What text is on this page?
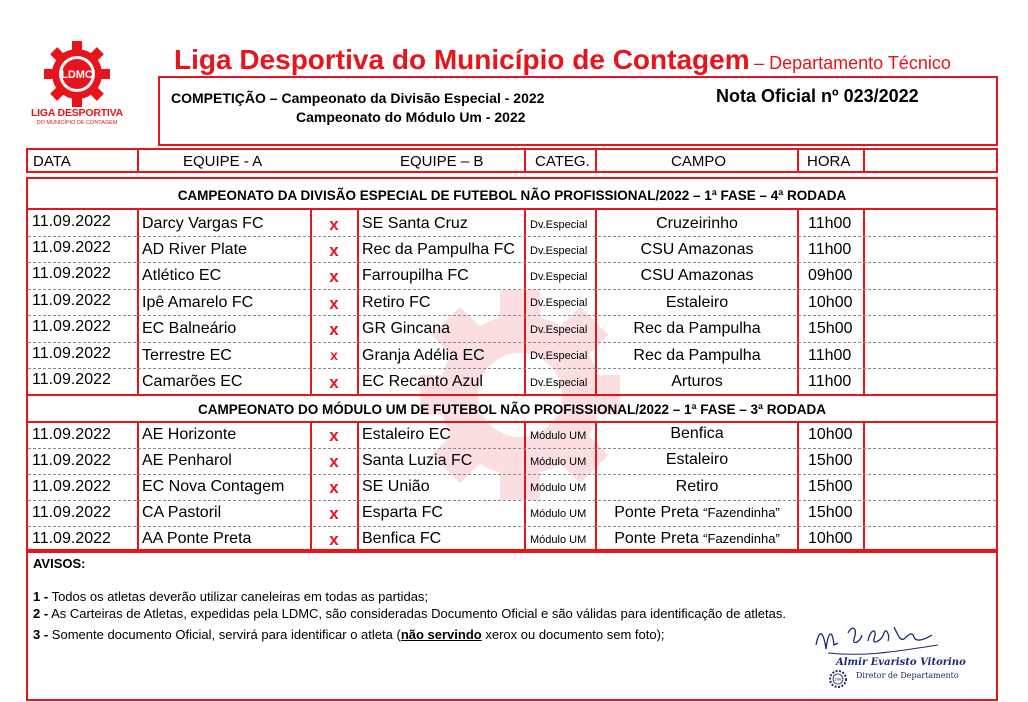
LDMC
LIGA DESPORTIVA
DO MUNICÍPIO DE CONTAGEM
Liga Desportiva do Município de Contagem – Departamento Técnico
COMPETIÇÃO – Campeonato da Divisão Especial - 2022
Campeonato do Módulo Um - 2022
Nota Oficial nº 023/2022
DATA	EQUIPE - A	EQUIPE – B	CATEG.	CAMPO	HORA
CAMPEONATO DA DIVISÃO ESPECIAL DE FUTEBOL NÃO PROFISSIONAL/2022 – 1ª FASE – 4ª RODADA
CAMPEONATO DO MÓDULO UM DE FUTEBOL NÃO PROFISSIONAL/2022 – 1ª FASE – 3ª RODADA
11.09.2022 Darcy Vargas FC	x	SE Santa Cruz	Dv.Especial	Cruzeirinho	11h00
11.09.2022 AD River Plate	x	Rec da Pampulha FC Dv.Especial	CSU Amazonas	11h00
11.09.2022 Atlético EC	x	Farroupilha FC	Dv.Especial	CSU Amazonas	09h00
11.09.2022 Ipê Amarelo FC	x	Retiro FC	Dv.Especial	Estaleiro	10h00
11.09.2022 EC Balneário	x	GR Gincana	Dv.Especial	Rec da Pampulha	15h00
11.09.2022 Terrestre EC	x	Granja Adélia EC	Dv.Especial	Rec da Pampulha	11h00
11.09.2022 Camarões EC	x	EC Recanto Azul	Dv.Especial	Arturos	11h00
11.09.2022 AE Horizonte	x	Estaleiro EC	Módulo UM	Benfica	10h00
11.09.2022 AE Penharol	x	Santa Luzia FC	Módulo UM	Estaleiro	15h00
11.09.2022 EC Nova Contagem	x	SE União	Módulo UM	Retiro	15h00
11.09.2022 CA Pastoril	x	Esparta FC	Módulo UM	Ponte Preta “Fazendinha”	15h00
11.09.2022 AA Ponte Preta	x	Benfica FC	Módulo UM	Ponte Preta “Fazendinha”	10h00
AVISOS:
1 - Todos os atletas deverão utilizar caneleiras em todas as partidas;
2 - As Carteiras de Atletas, expedidas pela LDMC, são consideradas Documento Oficial e são válidas para identificação de atletas.
3 - Somente documento Oficial, servirá para identificar o atleta (não servindo xerox ou documento sem foto);
LDMC
Almir Evaristo Vitorino
Diretor de Departamento
